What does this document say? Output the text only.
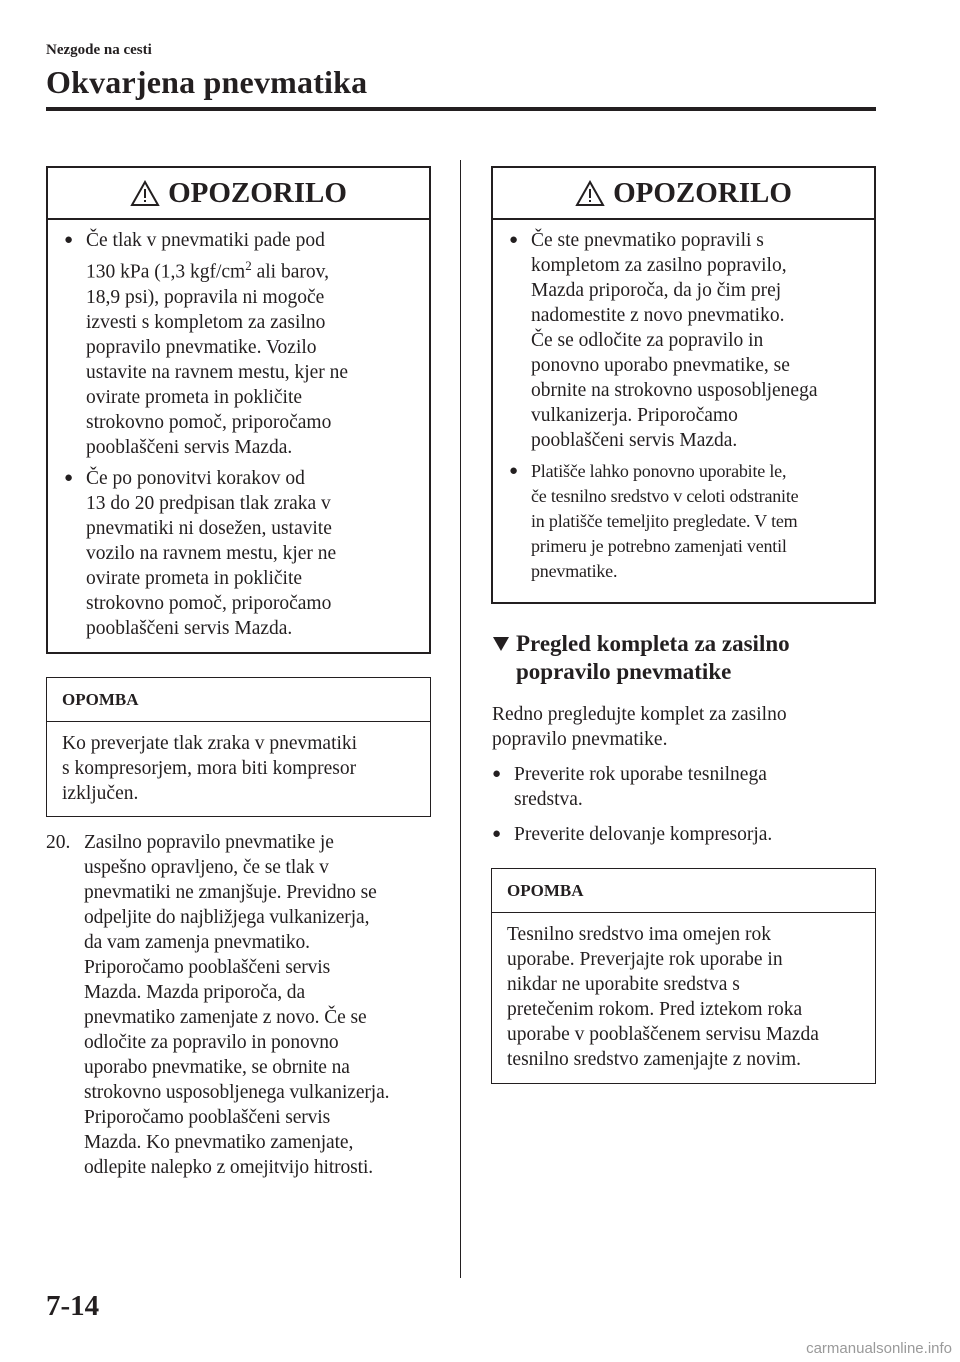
Nezgode na cesti
Okvarjena pnevmatika
OPOZORILO
● Če tlak v pnevmatiki pade pod
130 kPa (1,3 kgf/$cm^2$ ali barov,
18,9 psi), popravila ni mogoče
izvesti s kompletom za zasilno
popravilo pnevmatike. Vozilo
ustavite na ravnem mestu, kjer ne
ovirate prometa in pokličite
strokovno pomoč, priporočamo
pooblaščeni servis Mazda.
● Če po ponovitvi korakov od
13 do 20 predpisan tlak zraka v
pnevmatiki ni dosežen, ustavite
vozilo na ravnem mestu, kjer ne
ovirate prometa in pokličite
strokovno pomoč, priporočamo
pooblaščeni servis Mazda.
OPOMBA
Ko preverjate tlak zraka v pnevmatiki
s kompresorjem, mora biti kompresor
izključen.
20. Zasilno popravilo pnevmatike je
uspešno opravljeno, če se tlak v
pnevmatiki ne zmanjšuje. Previdno se
odpeljite do najbližjega vulkanizerja,
da vam zamenja pnevmatiko.
Priporočamo pooblaščeni servis
Mazda. Mazda priporoča, da
pnevmatiko zamenjate z novo. Če se
odločite za popravilo in ponovno
uporabo pnevmatike, se obrnite na
strokovno usposobljenega vulkanizerja.
Priporočamo pooblaščeni servis
Mazda. Ko pnevmatiko zamenjate,
odlepite nalepko z omejitvijo hitrosti.
OPOZORILO
● Če ste pnevmatiko popravili s
kompletom za zasilno popravilo,
Mazda priporoča, da jo čim prej
nadomestite z novo pnevmatiko.
Če se odločite za popravilo in
ponovno uporabo pnevmatike, se
obrnite na strokovno usposobljenega
vulkanizerja. Priporočamo
pooblaščeni servis Mazda.
● Platišče lahko ponovno uporabite le,
če tesnilno sredstvo v celoti odstranite
in platišče temeljito pregledate. V tem
primeru je potrebno zamenjati ventil
pnevmatike.
Pregled kompleta za zasilno
popravilo pnevmatike
Redno pregledujte komplet za zasilno
popravilo pnevmatike.
● Preverite rok uporabe tesnilnega
sredstva.
● Preverite delovanje kompresorja.
OPOMBA
Tesnilno sredstvo ima omejen rok
uporabe. Preverjajte rok uporabe in
nikdar ne uporabite sredstva s
pretečenim rokom. Pred iztekom roka
uporabe v pooblaščenem servisu Mazda
tesnilno sredstvo zamenjajte z novim.
7-14
carmanualsonline.info
